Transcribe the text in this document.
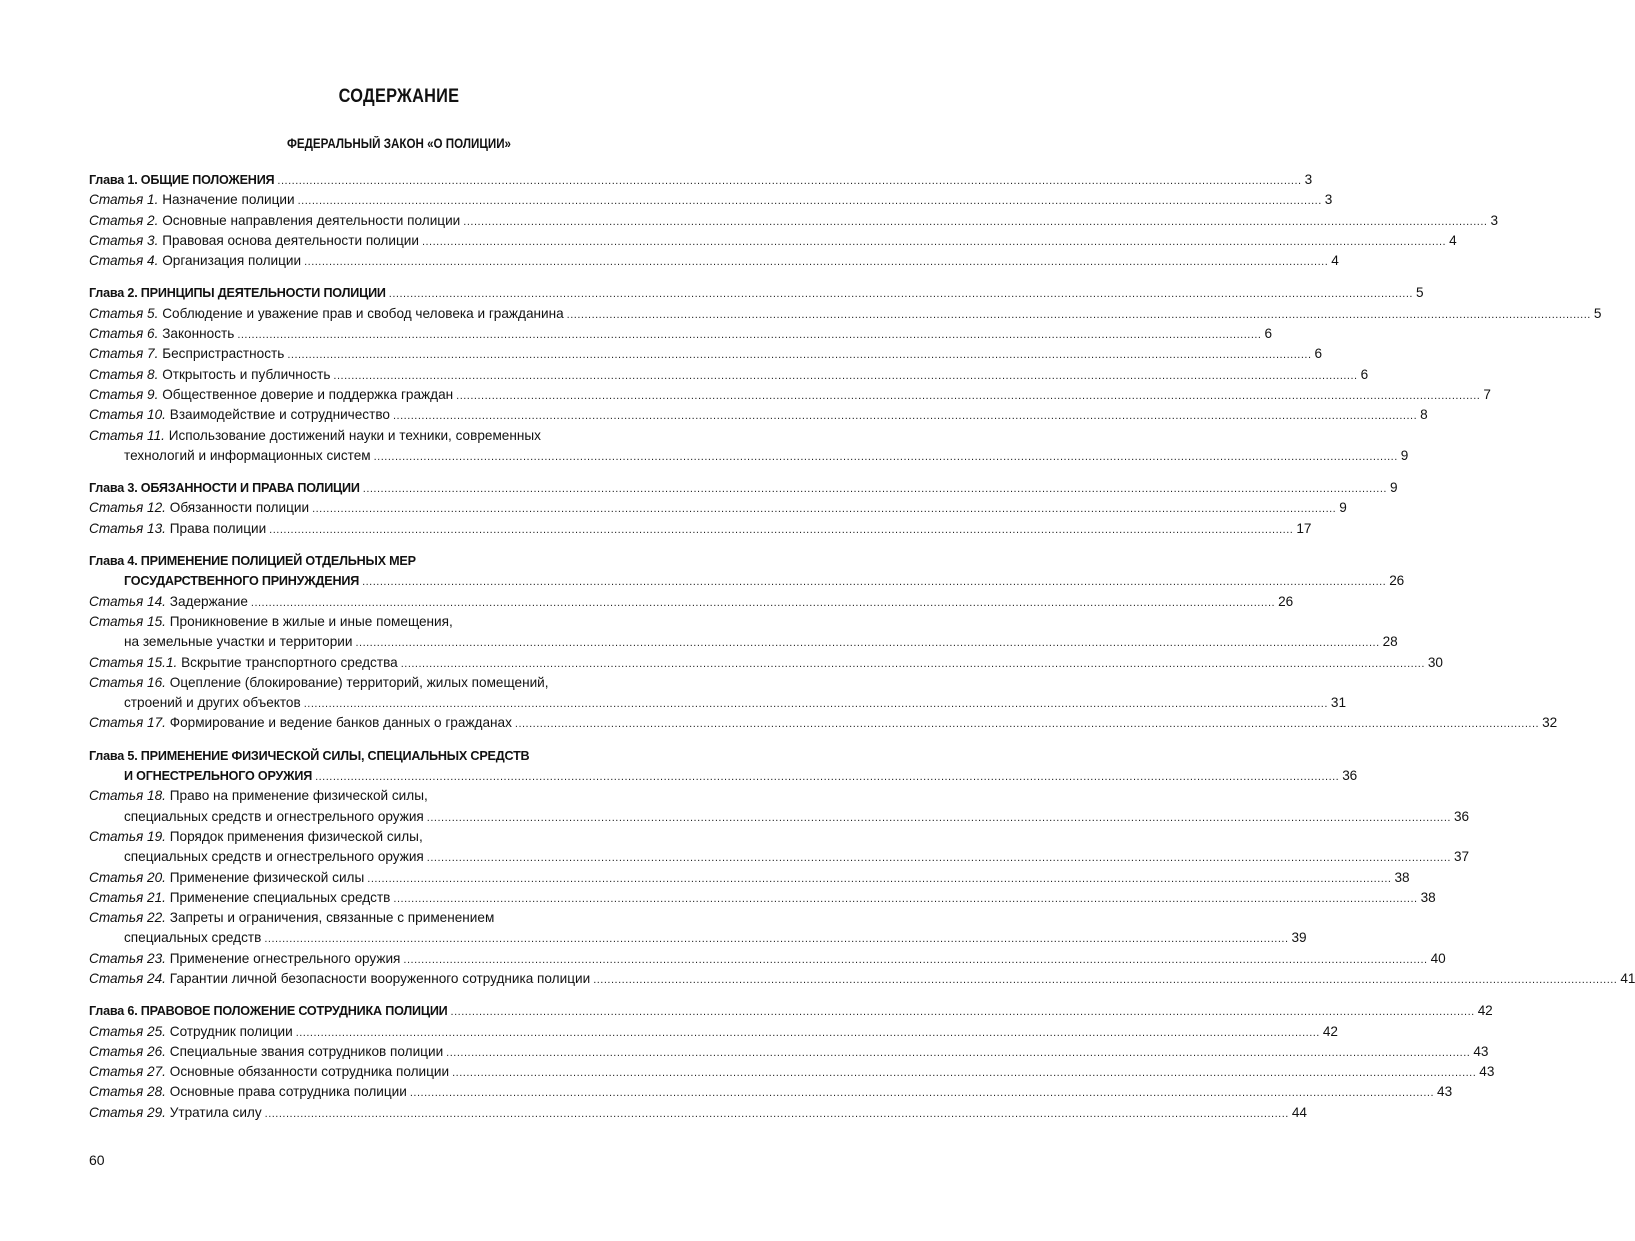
СОДЕРЖАНИЕ
ФЕДЕРАЛЬНЫЙ ЗАКОН «О ПОЛИЦИИ»
Глава 1. ОБЩИЕ ПОЛОЖЕНИЯ .....	3
Статья 1. Назначение полиции .....	3
Статья 2. Основные направления деятельности полиции .....	3
Статья 3. Правовая основа деятельности полиции .....	4
Статья 4. Организация полиции .....	4
Глава 2. ПРИНЦИПЫ ДЕЯТЕЛЬНОСТИ ПОЛИЦИИ .....	5
Статья 5. Соблюдение и уважение прав и свобод человека и гражданина .....	5
Статья 6. Законность .....	6
Статья 7. Беспристрастность .....	6
Статья 8. Открытость и публичность .....	6
Статья 9. Общественное доверие и поддержка граждан .....	7
Статья 10. Взаимодействие и сотрудничество .....	8
Статья 11. Использование достижений науки и техники, современных
технологий и информационных систем .....	9
Глава 3. ОБЯЗАННОСТИ И ПРАВА ПОЛИЦИИ .....	9
Статья 12. Обязанности полиции .....	9
Статья 13. Права полиции .....	17
Глава 4. ПРИМЕНЕНИЕ ПОЛИЦИЕЙ ОТДЕЛЬНЫХ МЕР
ГОСУДАРСТВЕННОГО ПРИНУЖДЕНИЯ .....	26
Статья 14. Задержание .....	26
Статья 15. Проникновение в жилые и иные помещения,
на земельные участки и территории .....	28
Статья 15.1. Вскрытие транспортного средства .....	30
Статья 16. Оцепление (блокирование) территорий, жилых помещений,
строений и других объектов .....	31
Статья 17. Формирование и ведение банков данных о гражданах .....	32
Глава 5. ПРИМЕНЕНИЕ ФИЗИЧЕСКОЙ СИЛЫ, СПЕЦИАЛЬНЫХ СРЕДСТВ
И ОГНЕСТРЕЛЬНОГО ОРУЖИЯ .....	36
Статья 18. Право на применение физической силы,
специальных средств и огнестрельного оружия .....	36
Статья 19. Порядок применения физической силы,
специальных средств и огнестрельного оружия .....	37
Статья 20. Применение физической силы .....	38
Статья 21. Применение специальных средств .....	38
Статья 22. Запреты и ограничения, связанные с применением
специальных средств .....	39
Статья 23. Применение огнестрельного оружия .....	40
Статья 24. Гарантии личной безопасности вооруженного сотрудника полиции .....	41
Глава 6. ПРАВОВОЕ ПОЛОЖЕНИЕ СОТРУДНИКА ПОЛИЦИИ .....	42
Статья 25. Сотрудник полиции .....	42
Статья 26. Специальные звания сотрудников полиции .....	43
Статья 27. Основные обязанности сотрудника полиции .....	43
Статья 28. Основные права сотрудника полиции .....	43
Статья 29. Утратила силу .....	44
60
